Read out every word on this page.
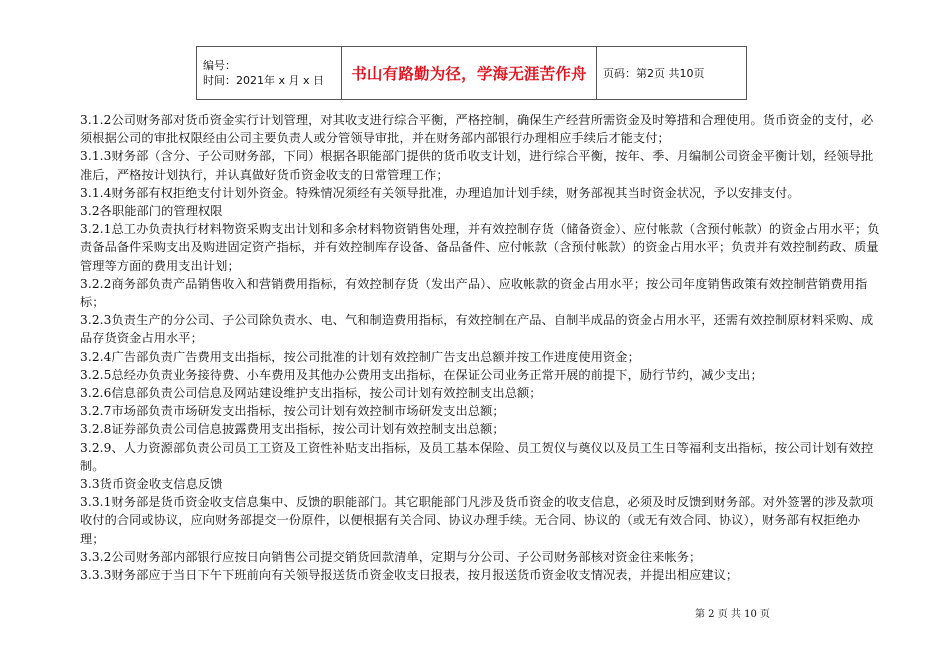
编号：
时间：2021年 x 月 x 日	书山有路勤为径，学海无涯苦作舟	页码：第2页 共10页

3.1.2公司财务部对货币资金实行计划管理，对其收支进行综合平衡，严格控制，确保生产经营所需资金及时筹措和合理使用。货币资金的支付，必须根据公司的审批权限经由公司主要负责人或分管领导审批，并在财务部内部银行办理相应手续后才能支付；

3.1.3财务部（含分、子公司财务部，下同）根据各职能部门提供的货币收支计划，进行综合平衡，按年、季、月编制公司资金平衡计划，经领导批准后，严格按计划执行，并认真做好货币资金收支的日常管理工作；

3.1.4财务部有权拒绝支付计划外资金。特殊情况须经有关领导批准，办理追加计划手续，财务部视其当时资金状况，予以安排支付。

3.2各职能部门的管理权限

3.2.1总工办负责执行材料物资采购支出计划和多余材料物资销售处理，并有效控制存货（储备资金）、应付帐款（含预付帐款）的资金占用水平；负责备品备件采购支出及购进固定资产指标，并有效控制库存设备、备品备件、应付帐款（含预付帐款）的资金占用水平；负责并有效控制药政、质量管理等方面的费用支出计划；

3.2.2商务部负责产品销售收入和营销费用指标，有效控制存货（发出产品）、应收帐款的资金占用水平；按公司年度销售政策有效控制营销费用指标；

3.2.3负责生产的分公司、子公司除负责水、电、气和制造费用指标，有效控制在产品、自制半成品的资金占用水平，还需有效控制原材料采购、成品存货资金占用水平；

3.2.4广告部负责广告费用支出指标，按公司批准的计划有效控制广告支出总额并按工作进度使用资金；

3.2.5总经办负责业务接待费、小车费用及其他办公费用支出指标，在保证公司业务正常开展的前提下，励行节约，减少支出；

3.2.6信息部负责公司信息及网站建设维护支出指标，按公司计划有效控制支出总额；

3.2.7市场部负责市场研发支出指标，按公司计划有效控制市场研发支出总额；

3.2.8证券部负责公司信息披露费用支出指标，按公司计划有效控制支出总额；

3.2.9、人力资源部负责公司员工工资及工资性补贴支出指标，及员工基本保险、员工贺仪与奠仪以及员工生日等福利支出指标，按公司计划有效控制。

3.3货币资金收支信息反馈

3.3.1财务部是货币资金收支信息集中、反馈的职能部门。其它职能部门凡涉及货币资金的收支信息，必须及时反馈到财务部。对外签署的涉及款项收付的合同或协议，应向财务部提交一份原件，以便根据有关合同、协议办理手续。无合同、协议的（或无有效合同、协议），财务部有权拒绝办理；

3.3.2公司财务部内部银行应按日向销售公司提交销货回款清单，定期与分公司、子公司财务部核对资金往来帐务；

3.3.3财务部应于当日下午下班前向有关领导报送货币资金收支日报表，按月报送货币资金收支情况表，并提出相应建议；

第 2 页 共 10 页
